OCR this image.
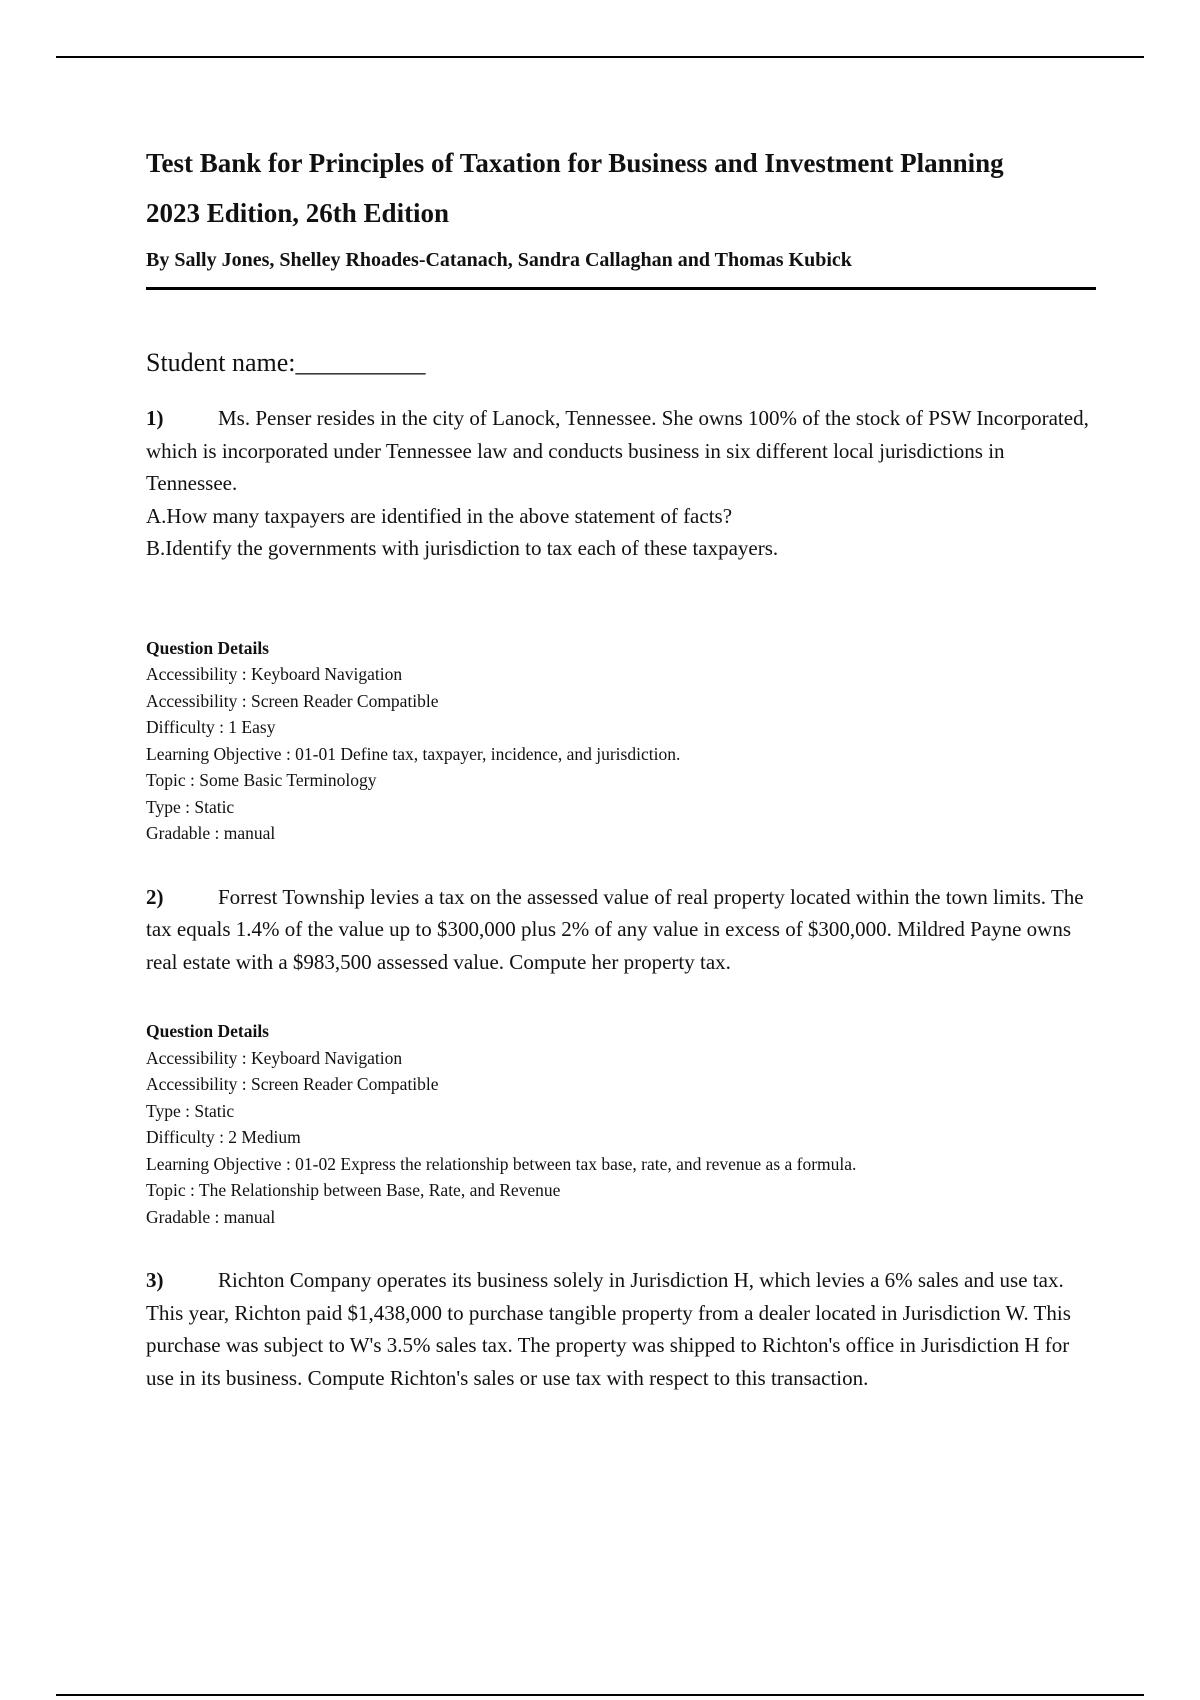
Test Bank for Principles of Taxation for Business and Investment Planning
2023 Edition, 26th Edition
By Sally Jones, Shelley Rhoades-Catanach, Sandra Callaghan and Thomas Kubick
Student name:__________
1)	Ms. Penser resides in the city of Lanock, Tennessee. She owns 100% of the stock of PSW Incorporated, which is incorporated under Tennessee law and conducts business in six different local jurisdictions in Tennessee.
A.How many taxpayers are identified in the above statement of facts?
B.Identify the governments with jurisdiction to tax each of these taxpayers.
Question Details
Accessibility : Keyboard Navigation
Accessibility : Screen Reader Compatible
Difficulty : 1 Easy
Learning Objective : 01-01 Define tax, taxpayer, incidence, and jurisdiction.
Topic : Some Basic Terminology
Type : Static
Gradable : manual
2)	Forrest Township levies a tax on the assessed value of real property located within the town limits. The tax equals 1.4% of the value up to $300,000 plus 2% of any value in excess of $300,000. Mildred Payne owns real estate with a $983,500 assessed value. Compute her property tax.
Question Details
Accessibility : Keyboard Navigation
Accessibility : Screen Reader Compatible
Type : Static
Difficulty : 2 Medium
Learning Objective : 01-02 Express the relationship between tax base, rate, and revenue as a formula.
Topic : The Relationship between Base, Rate, and Revenue
Gradable : manual
3)	Richton Company operates its business solely in Jurisdiction H, which levies a 6% sales and use tax. This year, Richton paid $1,438,000 to purchase tangible property from a dealer located in Jurisdiction W. This purchase was subject to W's 3.5% sales tax. The property was shipped to Richton's office in Jurisdiction H for use in its business. Compute Richton's sales or use tax with respect to this transaction.
